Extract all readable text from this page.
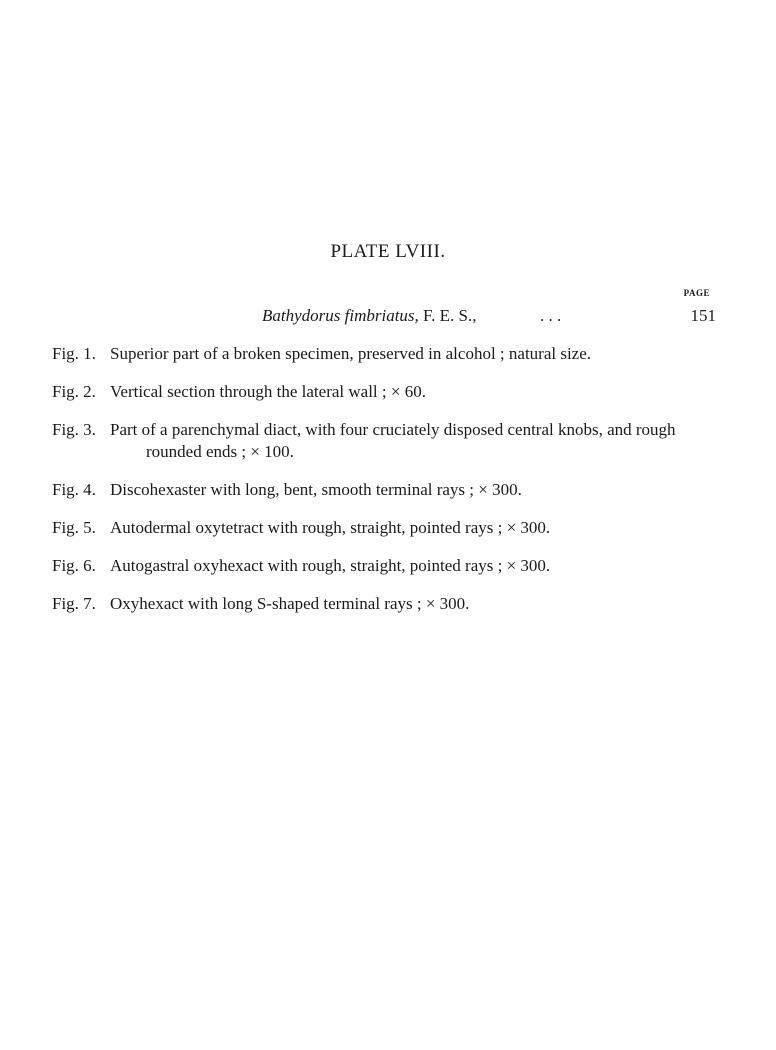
PLATE LVIII.
PAGE
Bathydorus fimbriatus, F. E. S.,	. . .	151
Fig. 1. Superior part of a broken specimen, preserved in alcohol ; natural size.
Fig. 2. Vertical section through the lateral wall ; × 60.
Fig. 3. Part of a parenchymal diact, with four cruciately disposed central knobs, and rough rounded ends ; × 100.
Fig. 4. Discohexaster with long, bent, smooth terminal rays ; × 300.
Fig. 5. Autodermal oxytetract with rough, straight, pointed rays ; × 300.
Fig. 6. Autogastral oxyhexact with rough, straight, pointed rays ; × 300.
Fig. 7. Oxyhexact with long S-shaped terminal rays ; × 300.
